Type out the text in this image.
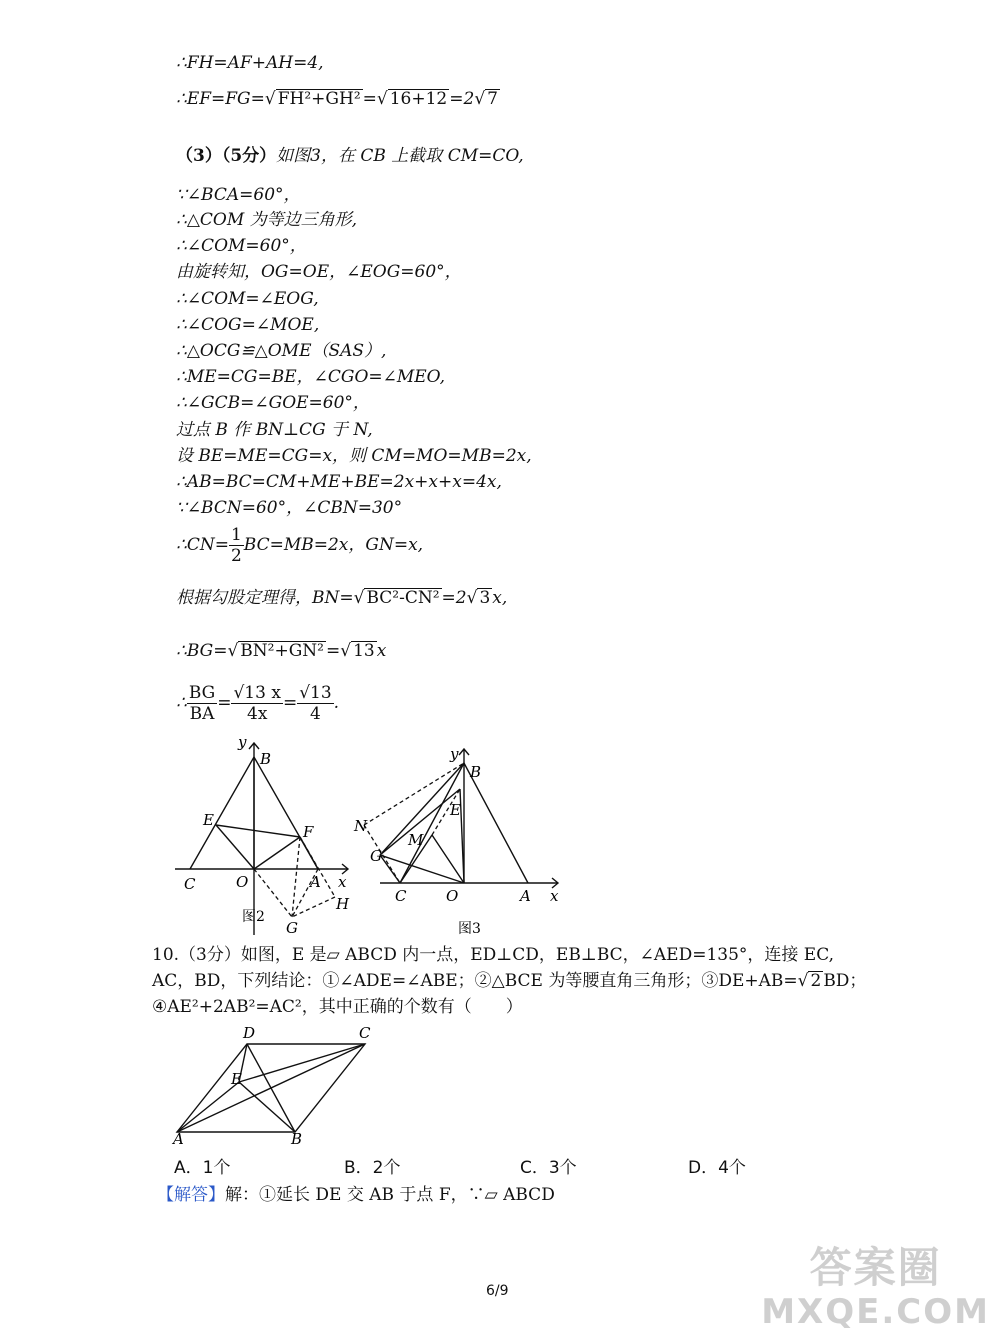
∴FH=AF+AH=4,
∴EF=FG=√ FH²+GH² =√ 16+12 =2√ 7
（3）（5分）如图3，在 CB 上截取 CM=CO,
∵∠BCA=60°，
∴△COM 为等边三角形,
∴∠COM=60°，
由旋转知，OG=OE，∠EOG=60°，
∴∠COM=∠EOG,
∴∠COG=∠MOE,
∴△OCG≌△OME（SAS）,
∴ME=CG=BE，∠CGO=∠MEO,
∴∠GCB=∠GOE=60°，
过点 B 作 BN⊥CG 于 N,
设 BE=ME=CG=x，则 CM=MO=MB=2x,
∴AB=BC=CM+ME+BE=2x+x+x=4x,
∵∠BCN=60°，∠CBN=30°
∴CN= $\frac{1}{2} BC=MB=2x$，GN=x,
根据勾股定理得，BN=√ BC²-CN² =2√ 3 x,
∴BG=√ BN²+GN² =√ 13 x
∴ $\frac{BG}{BA} = \frac{√13 x}{4x} = \frac{√13}{4}$ .
y
B
E
F
C	O	A x
H
G
图2
y
B
E
N
M
G
C	O	A x
图3
10.（3分）如图，E 是▱ ABCD 内一点，ED⊥CD，EB⊥BC，∠AED=135°，连接 EC,
AC，BD，下列结论：①∠ADE=∠ABE；②△BCE 为等腰直角三角形；③DE+AB=√ 2 BD；
④AE²+2AB²=AC²，其中正确的个数有（　　）
D	C
E
A	B
A．1个	B．2个	C．3个	D．4个
【解答】解：①延长 DE 交 AB 于点 F，∵▱ ABCD
6/9	答案圈
MXQE.COM
